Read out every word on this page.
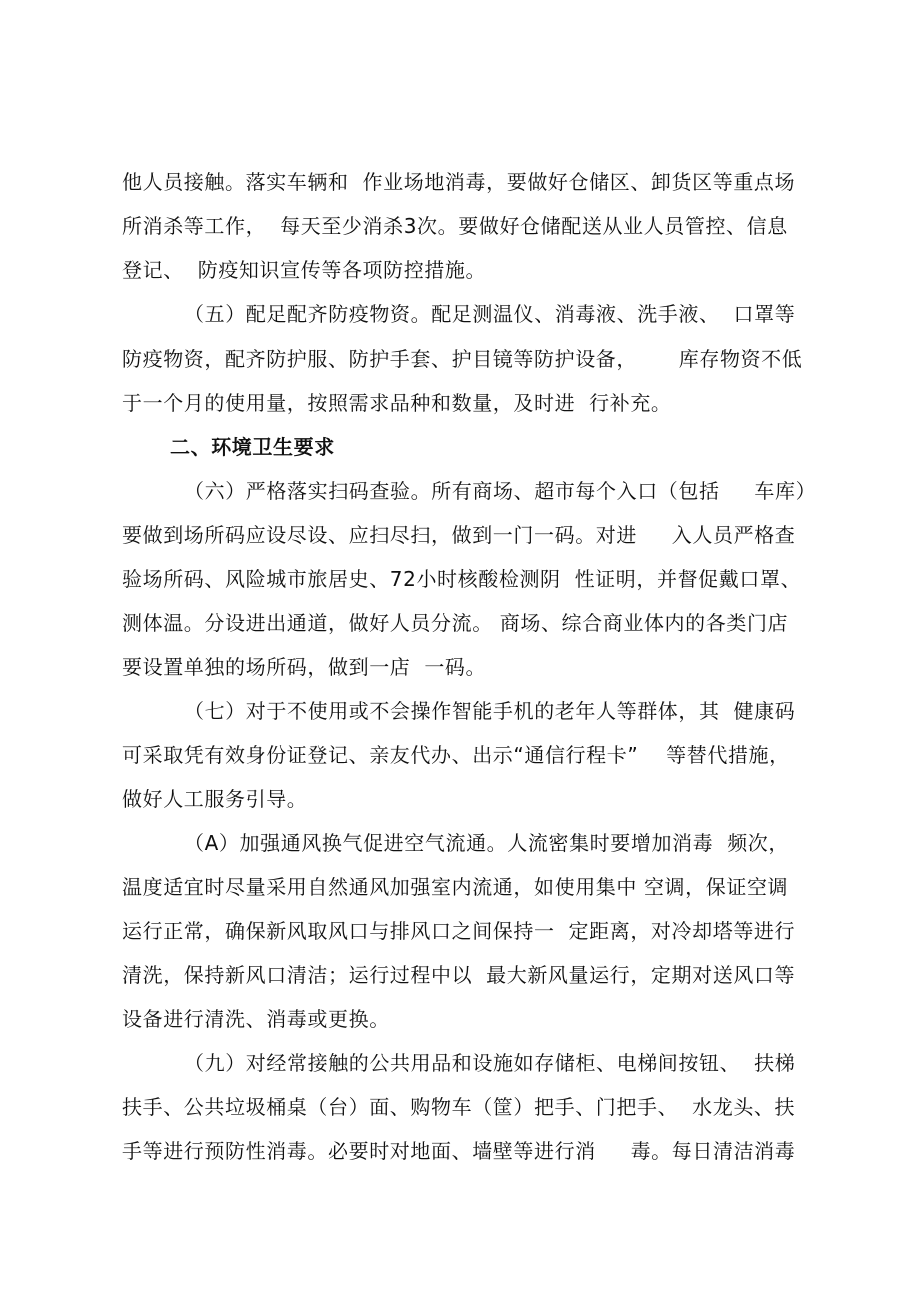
他人员接触。落实车辆和  作业场地消毒，要做好仓储区、卸货区等重点场
所消杀等工作，  每天至少消杀3次。要做好仓储配送从业人员管控、信息
登记、  防疫知识宣传等各项防控措施。
（五）配足配齐防疫物资。配足测温仪、消毒液、洗手液、  口罩等
防疫物资，配齐防护服、防护手套、护目镜等防护设备，      库存物资不低
于一个月的使用量，按照需求品种和数量，及时进  行补充。
二、环境卫生要求
（六）严格落实扫码查验。所有商场、超市每个入口（包括     车库）
要做到场所码应设尽设、应扫尽扫，做到一门一码。对进     入人员严格查
验场所码、风险城市旅居史、72小时核酸检测阴  性证明，并督促戴口罩、
测体温。分设进出通道，做好人员分流。 商场、综合商业体内的各类门店
要设置单独的场所码，做到一店  一码。
（七）对于不使用或不会操作智能手机的老年人等群体，其  健康码
可采取凭有效身份证登记、亲友代办、出示“通信行程卡”    等替代措施，
做好人工服务引导。
（A）加强通风换气促进空气流通。人流密集时要增加消毒  频次，
温度适宜时尽量采用自然通风加强室内流通，如使用集中 空调，保证空调
运行正常，确保新风取风口与排风口之间保持一  定距离，对冷却塔等进行
清洗，保持新风口清洁；运行过程中以  最大新风量运行，定期对送风口等
设备进行清洗、消毒或更换。
（九）对经常接触的公共用品和设施如存储柜、电梯间按钮、  扶梯
扶手、公共垃圾桶桌（台）面、购物车（筐）把手、门把手、  水龙头、扶
手等进行预防性消毒。必要时对地面、墙壁等进行消     毒。每日清洁消毒
